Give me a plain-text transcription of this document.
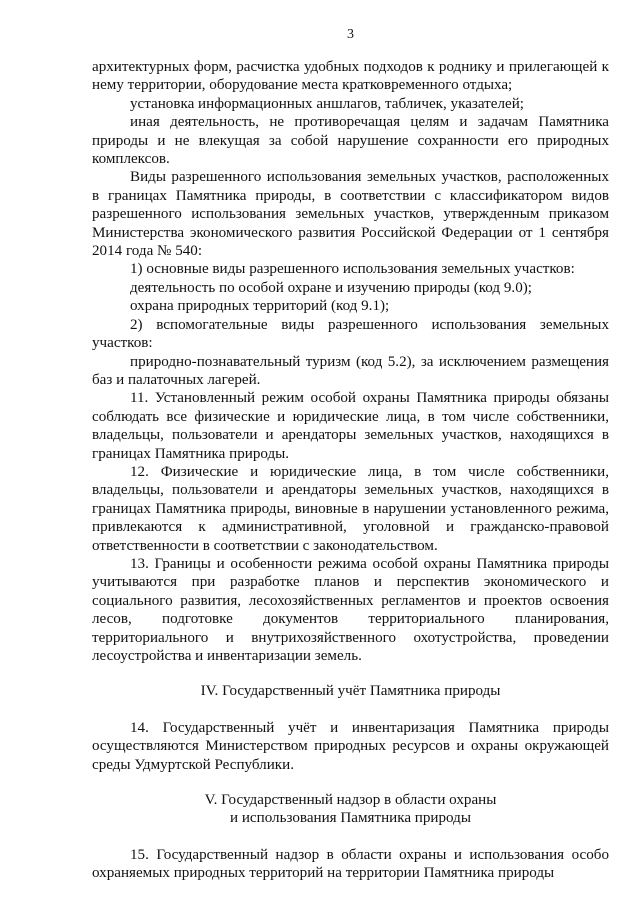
3

архитектурных форм, расчистка удобных подходов к роднику и прилегающей к нему территории, оборудование места кратковременного отдыха;

установка информационных аншлагов, табличек, указателей;

иная деятельность, не противоречащая целям и задачам Памятника природы и не влекущая за собой нарушение сохранности его природных комплексов.

Виды разрешенного использования земельных участков, расположенных в границах Памятника природы, в соответствии с классификатором видов разрешенного использования земельных участков, утвержденным приказом Министерства экономического развития Российской Федерации от 1 сентября 2014 года № 540:

1) основные виды разрешенного использования земельных участков:

деятельность по особой охране и изучению природы (код 9.0);

охрана природных территорий (код 9.1);

2) вспомогательные виды разрешенного использования земельных участков:

природно-познавательный туризм (код 5.2), за исключением размещения баз и палаточных лагерей.

11. Установленный режим особой охраны Памятника природы обязаны соблюдать все физические и юридические лица, в том числе собственники, владельцы, пользователи и арендаторы земельных участков, находящихся в границах Памятника природы.

12. Физические и юридические лица, в том числе собственники, владельцы, пользователи и арендаторы земельных участков, находящихся в границах Памятника природы, виновные в нарушении установленного режима, привлекаются к административной, уголовной и гражданско-правовой ответственности в соответствии с законодательством.

13. Границы и особенности режима особой охраны Памятника природы учитываются при разработке планов и перспектив экономического и социального развития, лесохозяйственных регламентов и проектов освоения лесов, подготовке документов территориального планирования, территориального и внутрихозяйственного охотустройства, проведении лесоустройства и инвентаризации земель.

IV. Государственный учёт Памятника природы

14. Государственный учёт и инвентаризация Памятника природы осуществляются Министерством природных ресурсов и охраны окружающей среды Удмуртской Республики.

V. Государственный надзор в области охраны

и использования Памятника природы

15. Государственный надзор в области охраны и использования особо охраняемых природных территорий на территории Памятника природы
